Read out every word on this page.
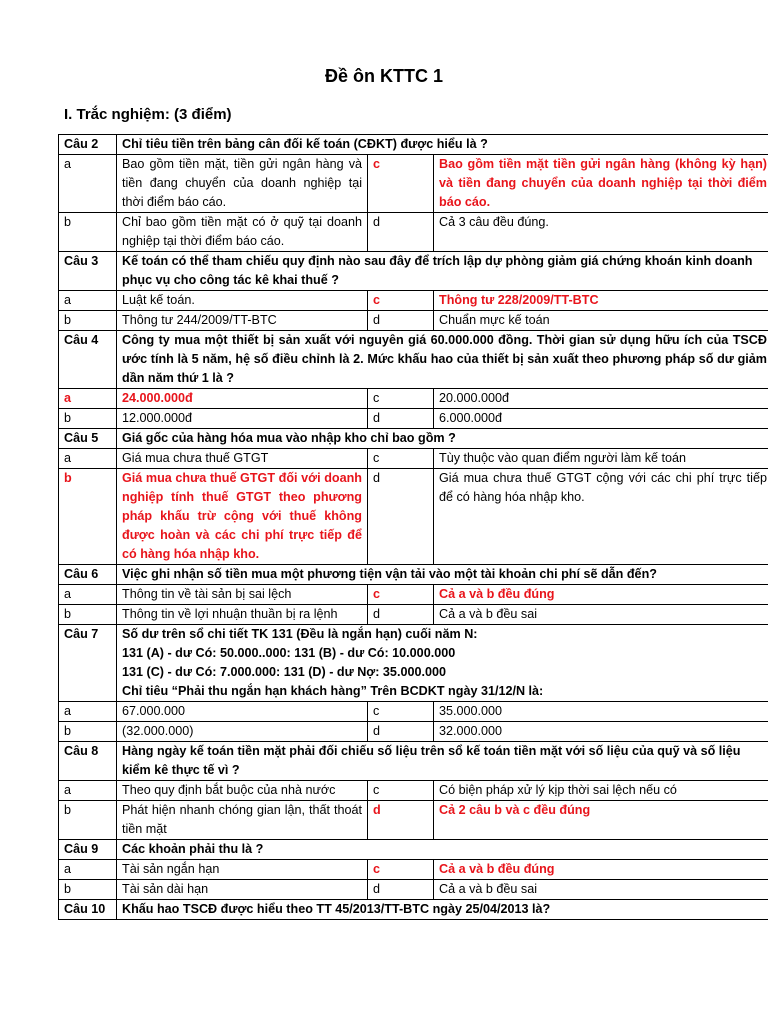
Đề ôn KTTC 1
I. Trắc nghiệm: (3 điểm)
Câu 2	Chỉ tiêu tiền trên bảng cân đối kế toán (CĐKT) được hiểu là ?		
a	Bao gồm tiền mặt, tiền gửi ngân hàng và tiền đang chuyển của doanh nghiệp tại thời điểm báo cáo.	c	Bao gồm tiền mặt tiền gửi ngân hàng (không kỳ hạn) và tiền đang chuyển của doanh nghiệp tại thời điểm báo cáo.
b	Chỉ bao gồm tiền mặt có ở quỹ tại doanh nghiệp tại thời điểm báo cáo.	d	Cả 3 câu đều đúng.
Câu 3	Kế toán có thể tham chiếu quy định nào sau đây để trích lập dự phòng giảm giá chứng khoán kinh doanh phục vụ cho công tác kê khai thuế ?		
a	Luật kế toán.	c	Thông tư 228/2009/TT-BTC
b	Thông tư 244/2009/TT-BTC	d	Chuẩn mực kế toán
Câu 4	Công ty mua một thiết bị sản xuất với nguyên giá 60.000.000 đồng. Thời gian sử dụng hữu ích của TSCĐ ước tính là 5 năm, hệ số điều chỉnh là 2. Mức khấu hao của thiết bị sản xuất theo phương pháp số dư giảm dần năm thứ 1 là ?		
a	24.000.000đ	c	20.000.000đ
b	12.000.000đ	d	6.000.000đ
Câu 5	Giá gốc của hàng hóa mua vào nhập kho chỉ bao gồm ?		
a	Giá mua chưa thuế GTGT	c	Tùy thuộc vào quan điểm người làm kế toán
b	Giá mua chưa thuế GTGT đối với doanh nghiệp tính thuế GTGT theo phương pháp khấu trừ cộng với thuế không được hoàn và các chi phí trực tiếp để có hàng hóa nhập kho.	d	Giá mua chưa thuế GTGT cộng với các chi phí trực tiếp để có hàng hóa nhập kho.
Câu 6	Việc ghi nhận số tiền mua một phương tiện vận tải vào một tài khoản chi phí sẽ dẫn đến?		
a	Thông tin về tài sản bị sai lệch	c	Cả a và b đều đúng
b	Thông tin về lợi nhuận thuần bị ra lệnh	d	Cả a và b đều sai
Câu 7	Số dư trên sổ chi tiết TK 131 (Đều là ngắn hạn) cuối năm N:
131 (A) - dư Có: 50.000..000: 131 (B) - dư Có: 10.000.000
131 (C) - dư Có: 7.000.000: 131 (D) - dư Nợ: 35.000.000
Chỉ tiêu “Phải thu ngắn hạn khách hàng” Trên BCDKT ngày 31/12/N là:		

a	67.000.000	c	35.000.000
b	(32.000.000)	d	32.000.000
Câu 8	Hàng ngày kế toán tiền mặt phải đối chiếu số liệu trên sổ kế toán tiền mặt với số liệu của quỹ và số liệu kiểm kê thực tế vì ?		
a	Theo quy định bắt buộc của nhà nước	c	Có biện pháp xử lý kịp thời sai lệch nếu có
b	Phát hiện nhanh chóng gian lận, thất thoát tiền mặt	d	Cả 2 câu b và c đều đúng
Câu 9	Các khoản phải thu là ?		
a	Tài sản ngắn hạn	c	Cả a và b đều đúng
b	Tài sản dài hạn	d	Cả a và b đều sai
Câu 10	Khấu hao TSCĐ được hiểu theo TT 45/2013/TT-BTC ngày 25/04/2013 là?		
